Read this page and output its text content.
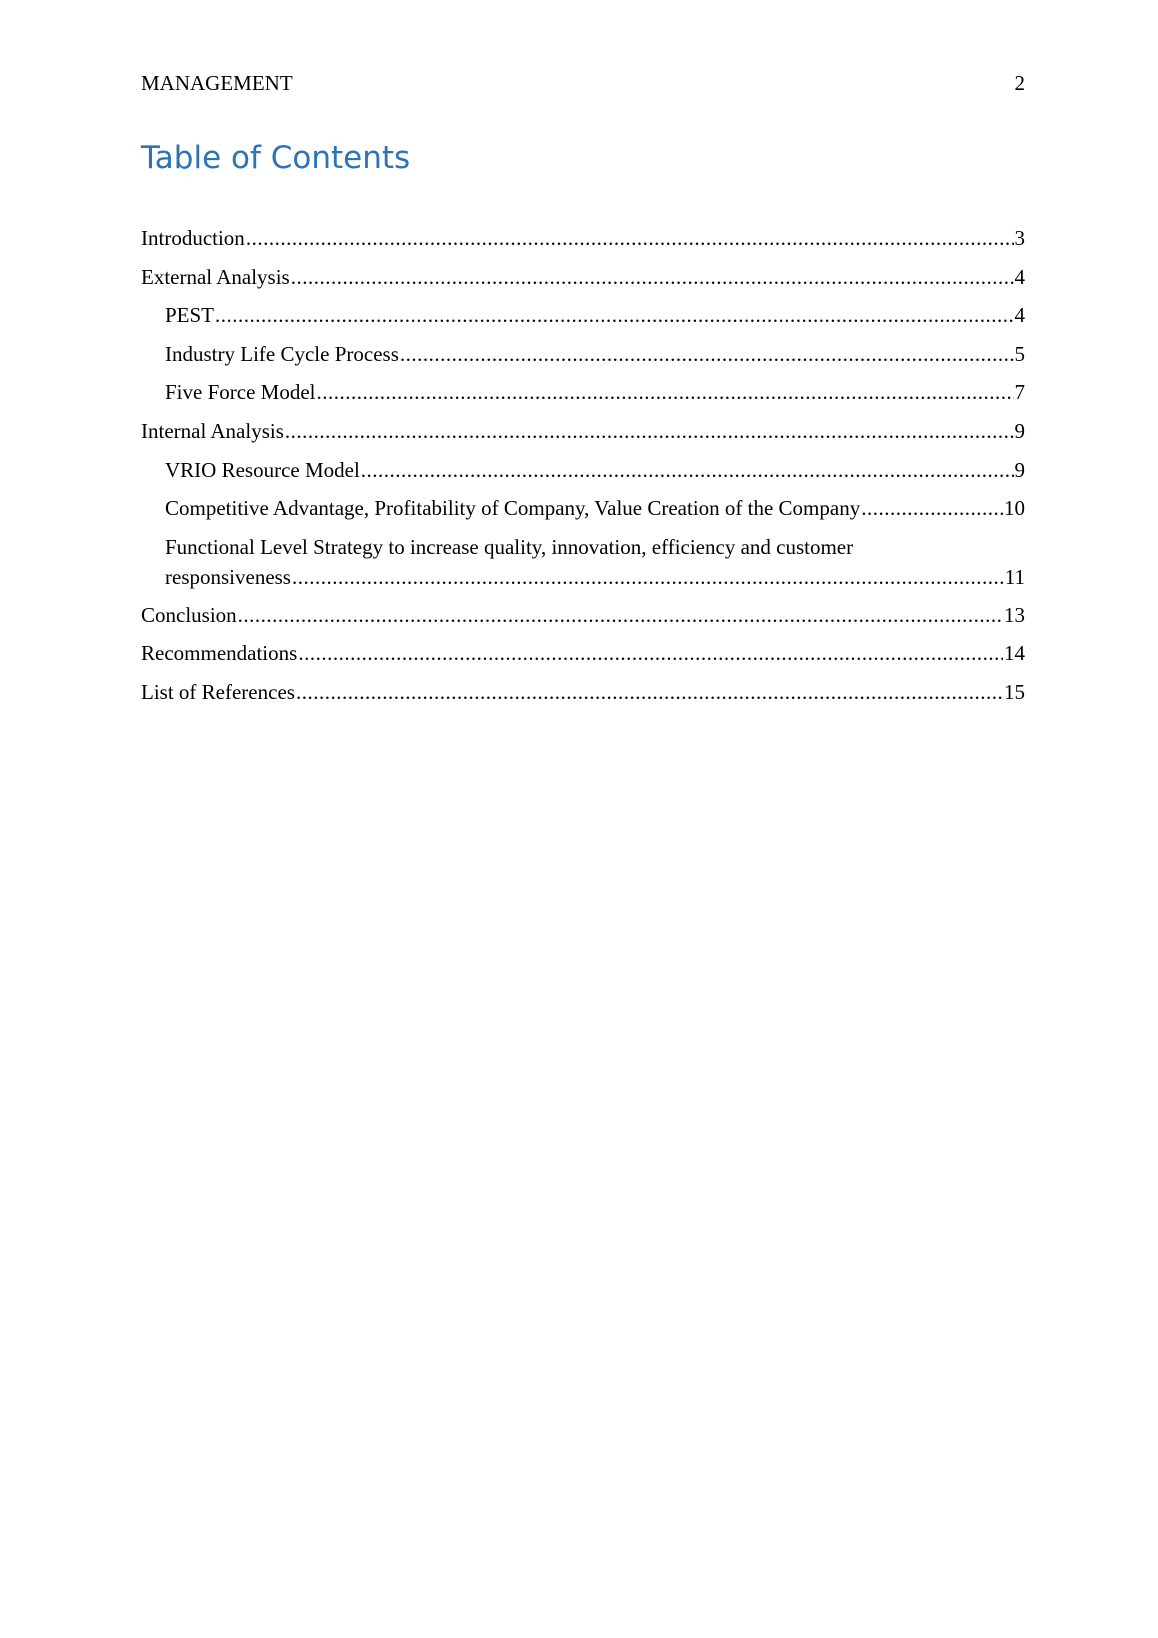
MANAGEMENT	2
Table of Contents
Introduction .....	3
External Analysis .....	4
PEST .....	4
Industry Life Cycle Process .....	5
Five Force Model .....	7
Internal Analysis .....	9
VRIO Resource Model .....	9
Competitive Advantage, Profitability of Company, Value Creation of the Company .....	10
Functional Level Strategy to increase quality, innovation, efficiency and customer
responsiveness .....	11
Conclusion .....	13
Recommendations .....	14
List of References .....	15
